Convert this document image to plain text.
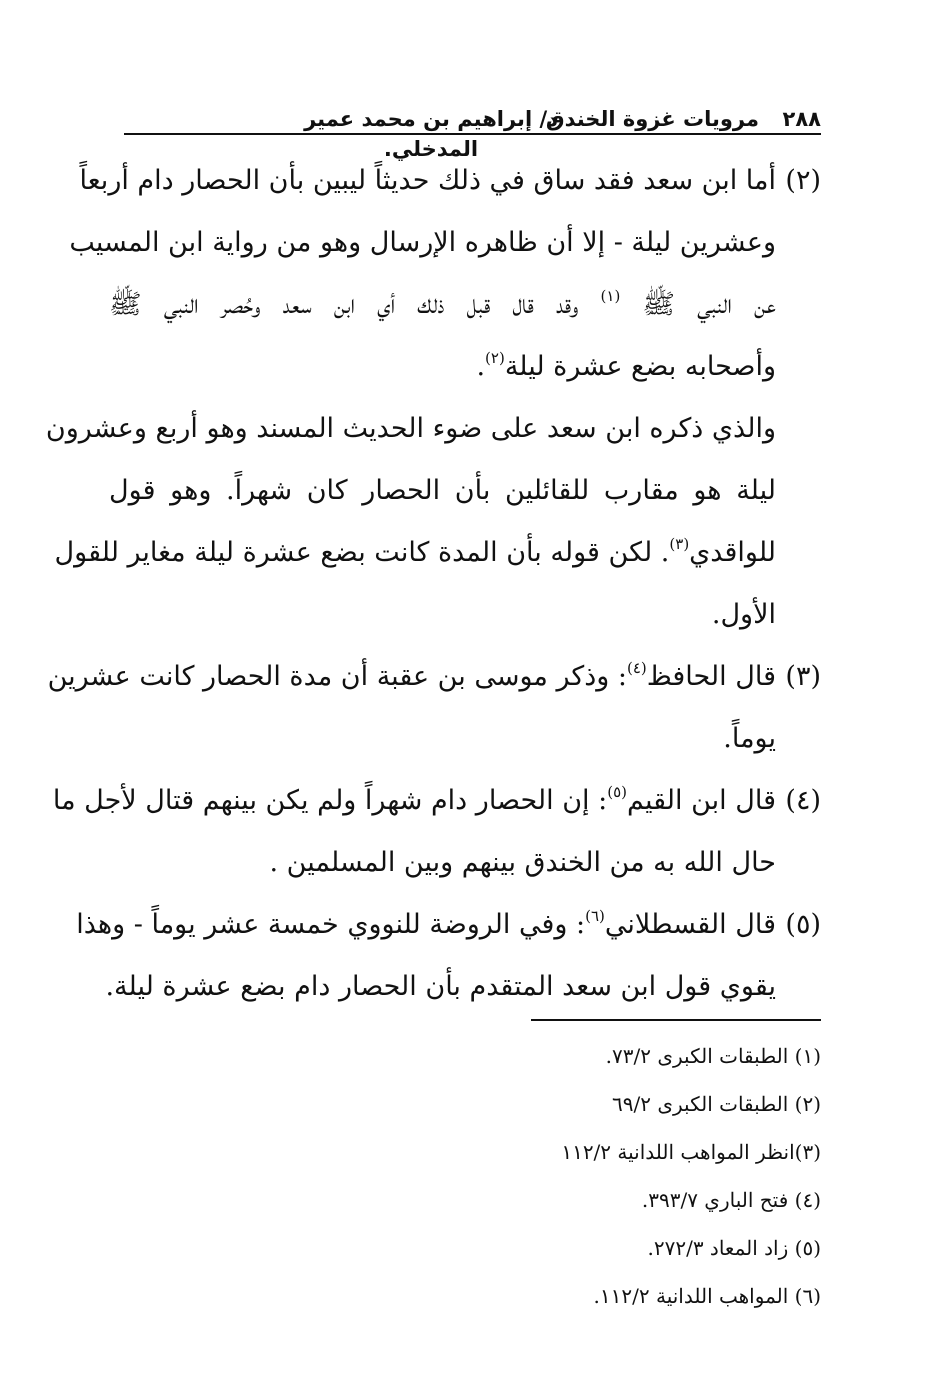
٢٨٨
مرويات غزوة الخندق
د/ إبراهيم بن محمد عمير المدخلي.
(٢)
أما ابن سعد فقد ساق في ذلك حديثاً ليبين بأن الحصار دام أربعاً
وعشرين ليلة - إلا أن ظاهره الإرسال وهو من رواية ابن المسيب
عن النبي ﷺ $^{(١)}$ وقد قال قبل ذلك أي ابن سعد وحُصر النبي ﷺ
وأصحابه بضع عشرة ليلة$^{(٢)}$.
والذي ذكره ابن سعد على ضوء الحديث المسند وهو أربع وعشرون
ليلة هو مقارب للقائلين بأن الحصار كان شهراً. وهو قول
للواقدي$^{(٣)}$. لكن قوله بأن المدة كانت بضع عشرة ليلة مغاير للقول
الأول.
(٣)
قال الحافظ$^{(٤)}$: وذكر موسى بن عقبة أن مدة الحصار كانت عشرين
يوماً.
(٤)
قال ابن القيم$^{(٥)}$: إن الحصار دام شهراً ولم يكن بينهم قتال لأجل ما
حال الله به من الخندق بينهم وبين المسلمين .
(٥)
قال القسطلاني$^{(٦)}$: وفي الروضة للنووي خمسة عشر يوماً - وهذا
يقوي قول ابن سعد المتقدم بأن الحصار دام بضع عشرة ليلة.
(١) الطبقات الكبرى ٧٣/٢.
(٢) الطبقات الكبرى ٦٩/٢
(٣)انظر المواهب اللدانية ١١٢/٢
(٤) فتح الباري ٣٩٣/٧.
(٥) زاد المعاد ٢٧٢/٣.
(٦) المواهب اللدانية ١١٢/٢.
